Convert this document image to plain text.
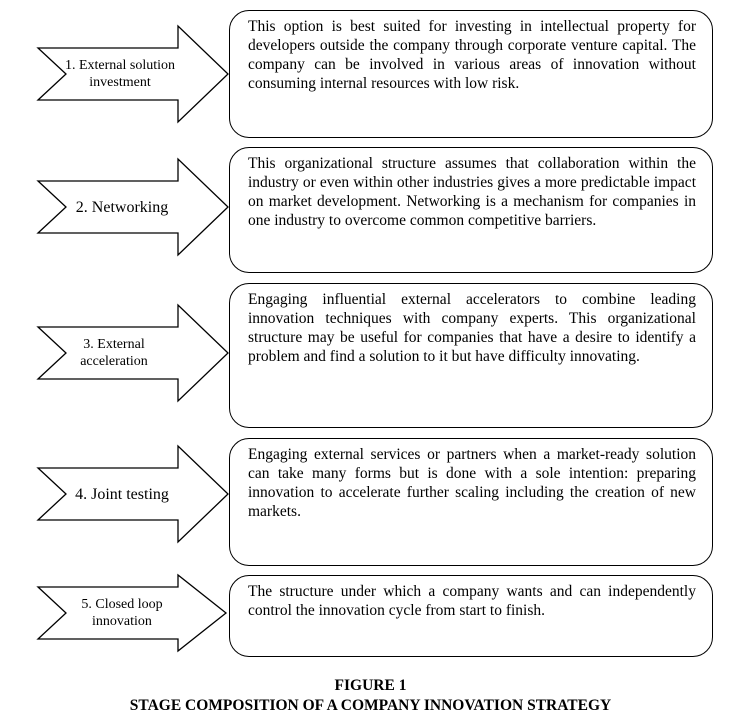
1. External solution
investment

This option is best suited for investing in intellectual property for developers outside the company through corporate venture capital. The company can be involved in various areas of innovation without consuming internal resources with low risk.

2. Networking

This organizational structure assumes that collaboration within the industry or even within other industries gives a more predictable impact on market development. Networking is a mechanism for companies in one industry to overcome common competitive barriers.

3. External
acceleration

Engaging influential external accelerators to combine leading innovation techniques with company experts. This organizational structure may be useful for companies that have a desire to identify a problem and find a solution to it but have difficulty innovating.

4. Joint testing

Engaging external services or partners when a market-ready solution can take many forms but is done with a sole intention: preparing innovation to accelerate further scaling including the creation of new markets.

5. Closed loop
innovation

The structure under which a company wants and can independently control the innovation cycle from start to finish.

FIGURE 1
STAGE COMPOSITION OF A COMPANY INNOVATION STRATEGY
